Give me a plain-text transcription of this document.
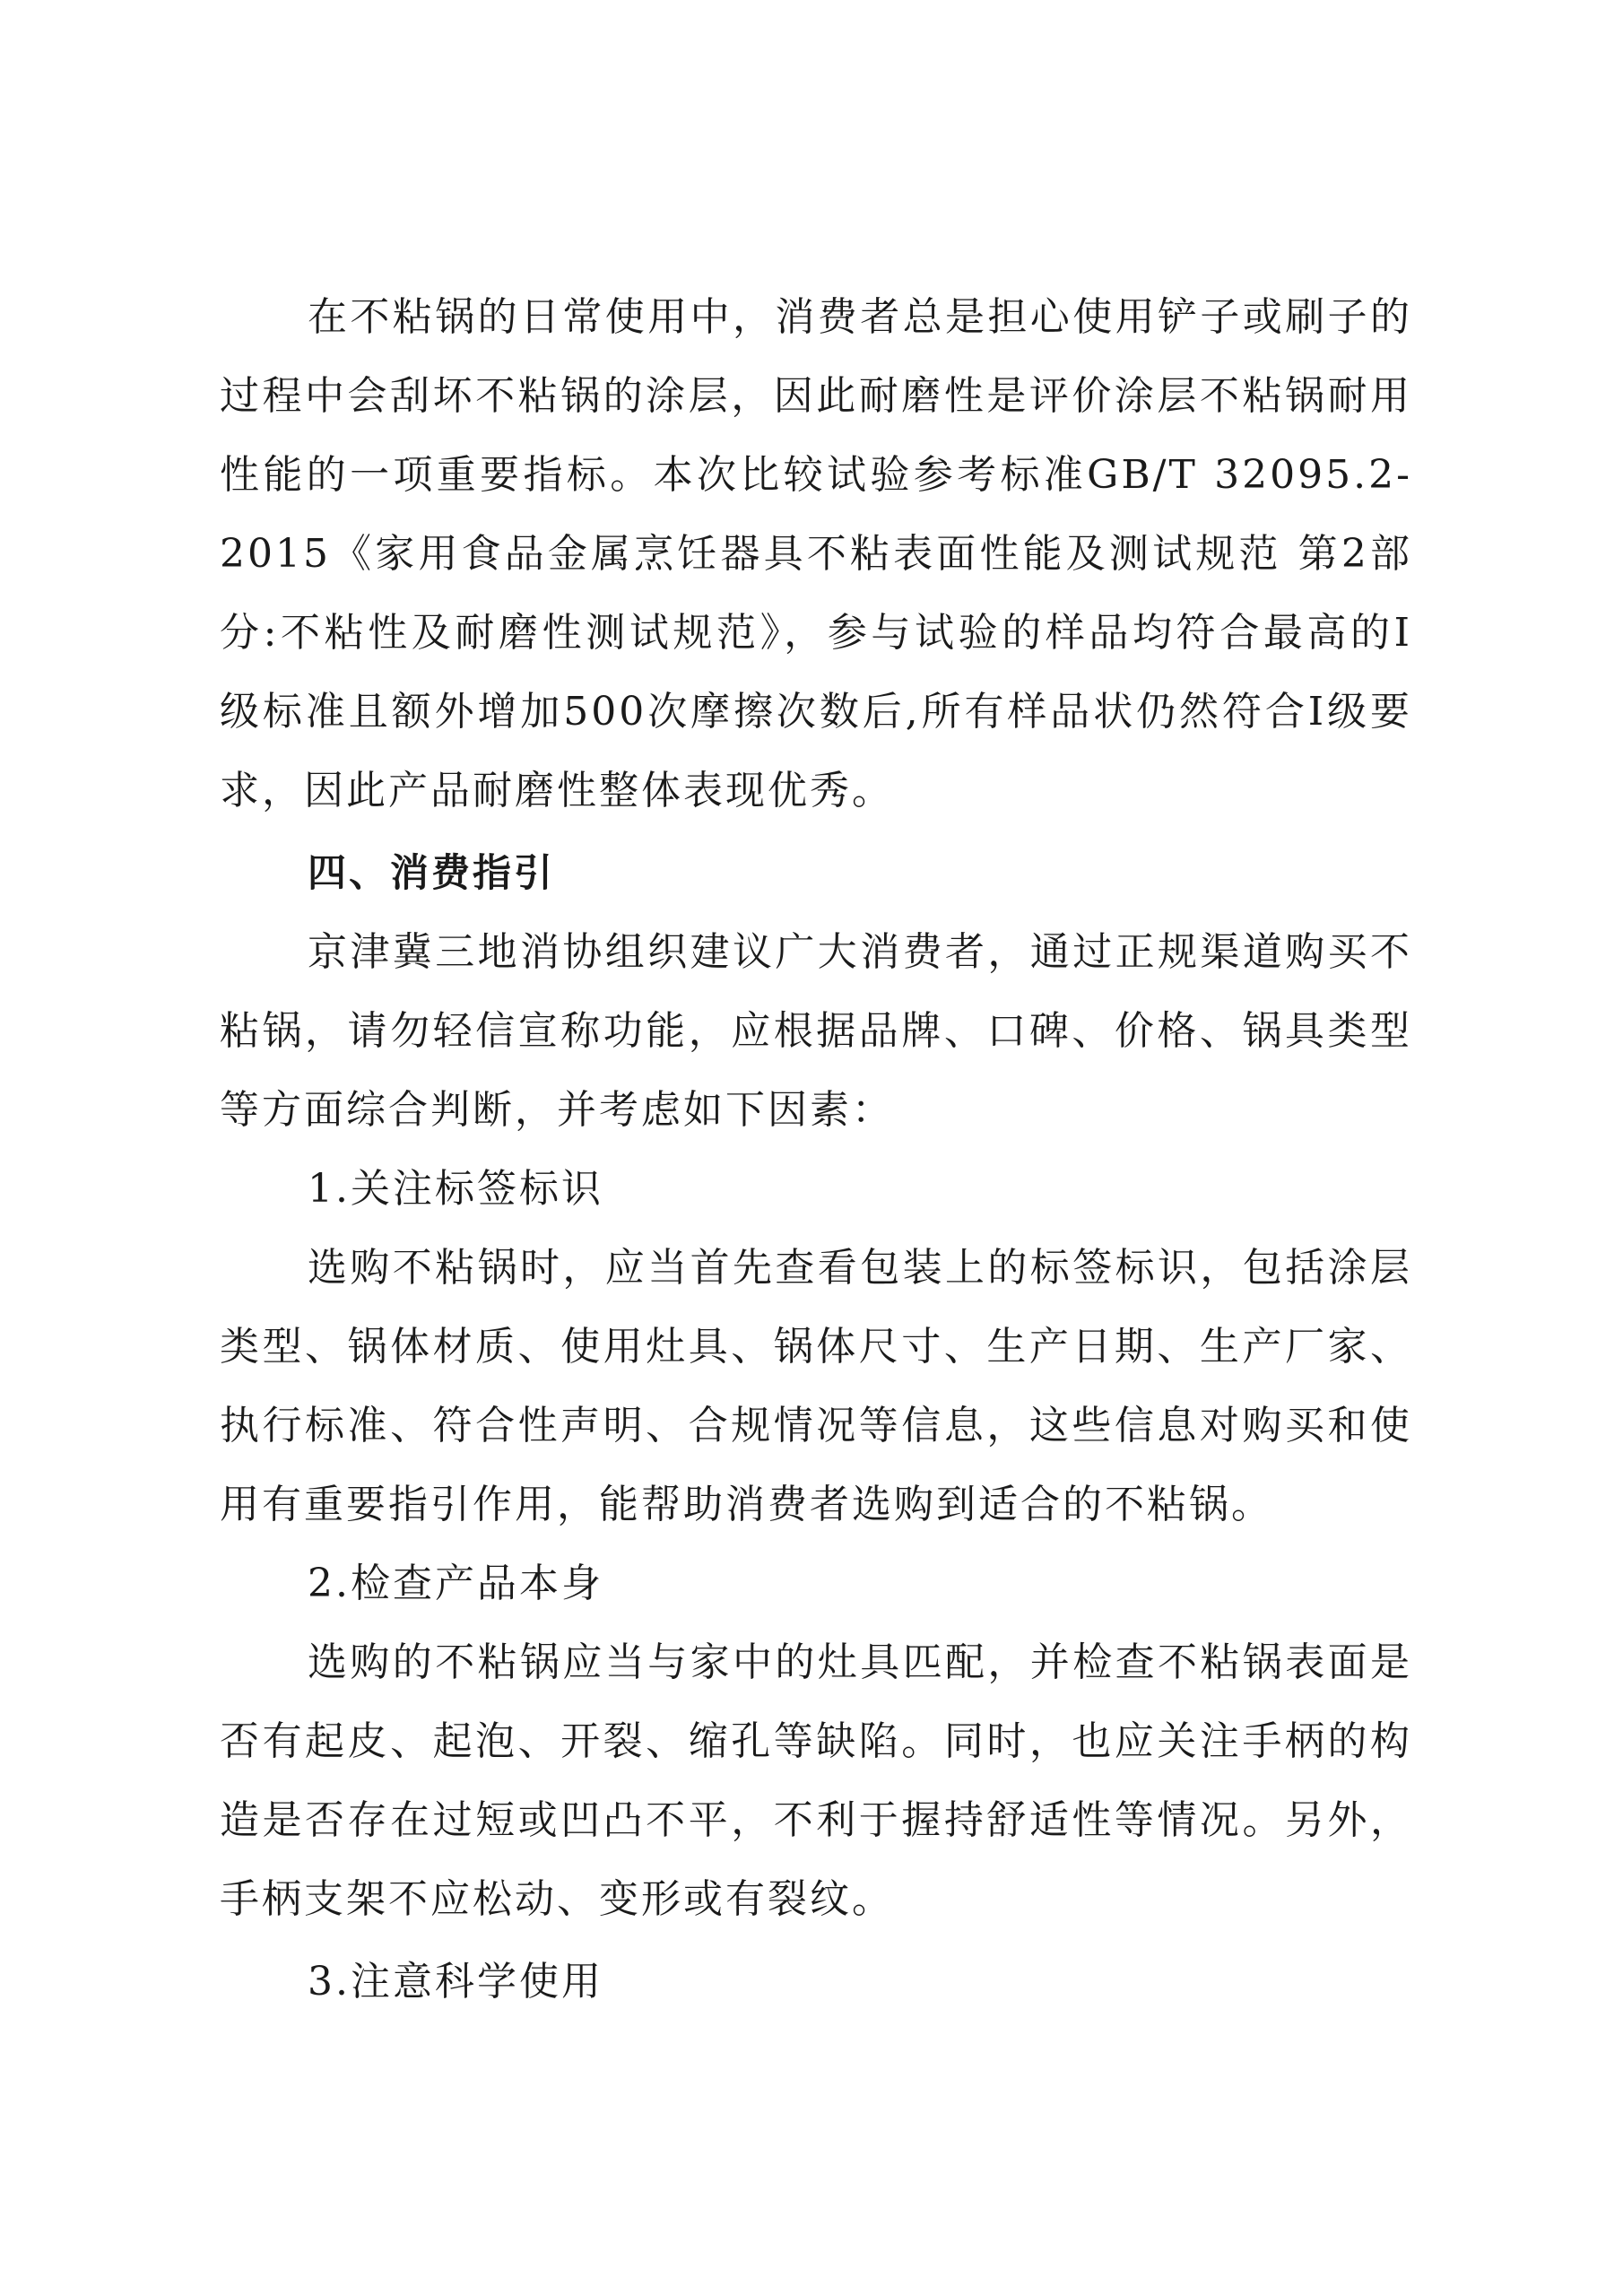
在不粘锅的日常使用中，消费者总是担心使用铲子或刷子的过程中会刮坏不粘锅的涂层，因此耐磨性是评价涂层不粘锅耐用性能的一项重要指标。本次比较试验参考标准GB/T 32095.2-2015《家用食品金属烹饪器具不粘表面性能及测试规范 第2部分:不粘性及耐磨性测试规范》，参与试验的样品均符合最高的Ⅰ级标准且额外增加500次摩擦次数后,所有样品状仍然符合Ⅰ级要求，因此产品耐磨性整体表现优秀。

四、消费指引

京津冀三地消协组织建议广大消费者，通过正规渠道购买不粘锅，请勿轻信宣称功能，应根据品牌、口碑、价格、锅具类型等方面综合判断，并考虑如下因素：

1.关注标签标识

选购不粘锅时，应当首先查看包装上的标签标识，包括涂层类型、锅体材质、使用灶具、锅体尺寸、生产日期、生产厂家、执行标准、符合性声明、合规情况等信息，这些信息对购买和使用有重要指引作用，能帮助消费者选购到适合的不粘锅。

2.检查产品本身

选购的不粘锅应当与家中的灶具匹配，并检查不粘锅表面是否有起皮、起泡、开裂、缩孔等缺陷。同时，也应关注手柄的构造是否存在过短或凹凸不平，不利于握持舒适性等情况。另外，手柄支架不应松动、变形或有裂纹。

3.注意科学使用
